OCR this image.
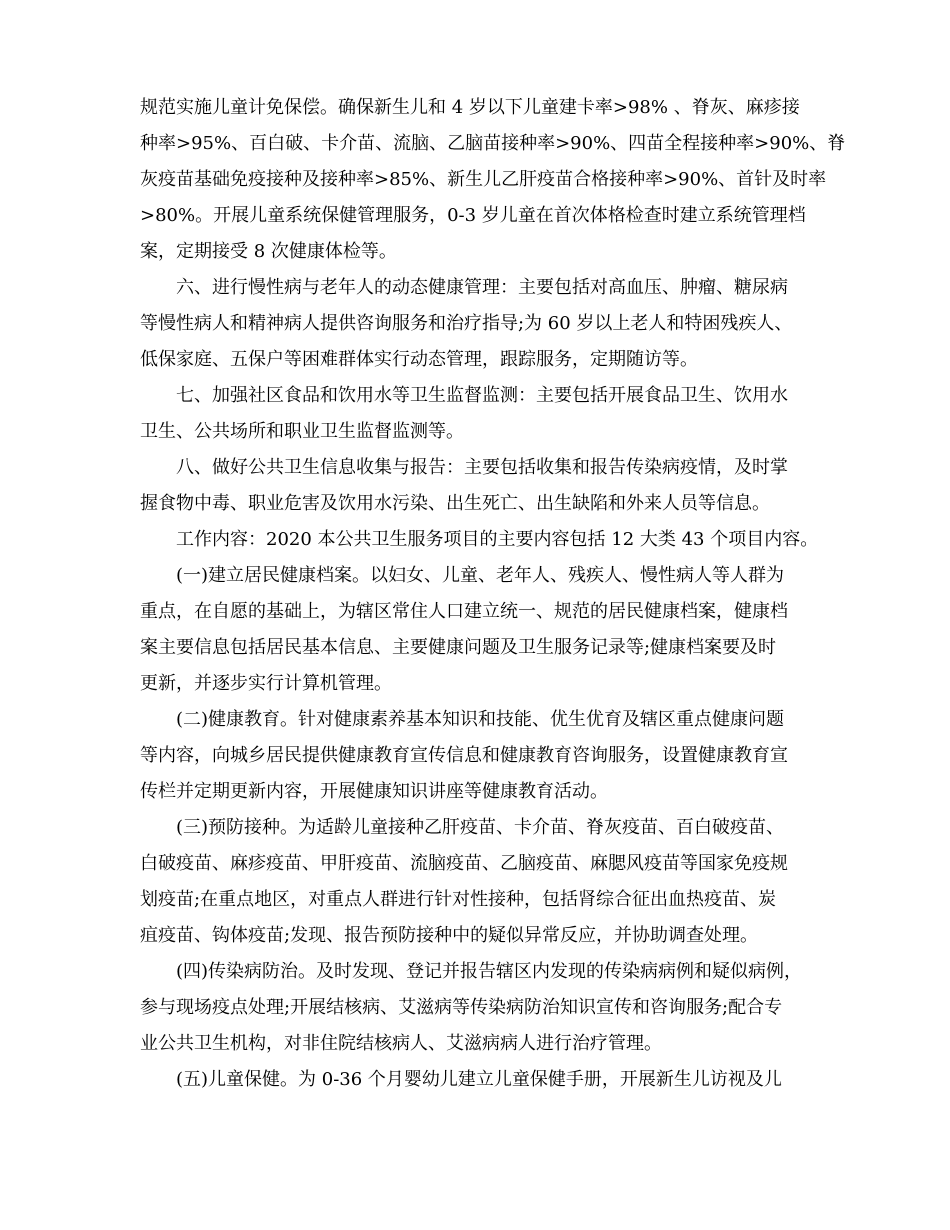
规范实施儿童计免保偿。确保新生儿和 4 岁以下儿童建卡率>98% 、脊灰、麻疹接
种率>95%、百白破、卡介苗、流脑、乙脑苗接种率>90%、四苗全程接种率>90%、脊
灰疫苗基础免疫接种及接种率>85%、新生儿乙肝疫苗合格接种率>90%、首针及时率
>80%。开展儿童系统保健管理服务，0-3 岁儿童在首次体格检查时建立系统管理档
案，定期接受 8 次健康体检等。
六、进行慢性病与老年人的动态健康管理：主要包括对高血压、肿瘤、糖尿病
等慢性病人和精神病人提供咨询服务和治疗指导;为 60 岁以上老人和特困残疾人、
低保家庭、五保户等困难群体实行动态管理，跟踪服务，定期随访等。
七、加强社区食品和饮用水等卫生监督监测：主要包括开展食品卫生、饮用水
卫生、公共场所和职业卫生监督监测等。
八、做好公共卫生信息收集与报告：主要包括收集和报告传染病疫情，及时掌
握食物中毒、职业危害及饮用水污染、出生死亡、出生缺陷和外来人员等信息。
工作内容：2020 本公共卫生服务项目的主要内容包括 12 大类 43 个项目内容。
(一)建立居民健康档案。以妇女、儿童、老年人、残疾人、慢性病人等人群为
重点，在自愿的基础上，为辖区常住人口建立统一、规范的居民健康档案，健康档
案主要信息包括居民基本信息、主要健康问题及卫生服务记录等;健康档案要及时
更新，并逐步实行计算机管理。
(二)健康教育。针对健康素养基本知识和技能、优生优育及辖区重点健康问题
等内容，向城乡居民提供健康教育宣传信息和健康教育咨询服务，设置健康教育宣
传栏并定期更新内容，开展健康知识讲座等健康教育活动。
(三)预防接种。为适龄儿童接种乙肝疫苗、卡介苗、脊灰疫苗、百白破疫苗、
白破疫苗、麻疹疫苗、甲肝疫苗、流脑疫苗、乙脑疫苗、麻腮风疫苗等国家免疫规
划疫苗;在重点地区，对重点人群进行针对性接种，包括肾综合征出血热疫苗、炭
疽疫苗、钩体疫苗;发现、报告预防接种中的疑似异常反应，并协助调查处理。
(四)传染病防治。及时发现、登记并报告辖区内发现的传染病病例和疑似病例，
参与现场疫点处理;开展结核病、艾滋病等传染病防治知识宣传和咨询服务;配合专
业公共卫生机构，对非住院结核病人、艾滋病病人进行治疗管理。
(五)儿童保健。为 0-36 个月婴幼儿建立儿童保健手册，开展新生儿访视及儿
